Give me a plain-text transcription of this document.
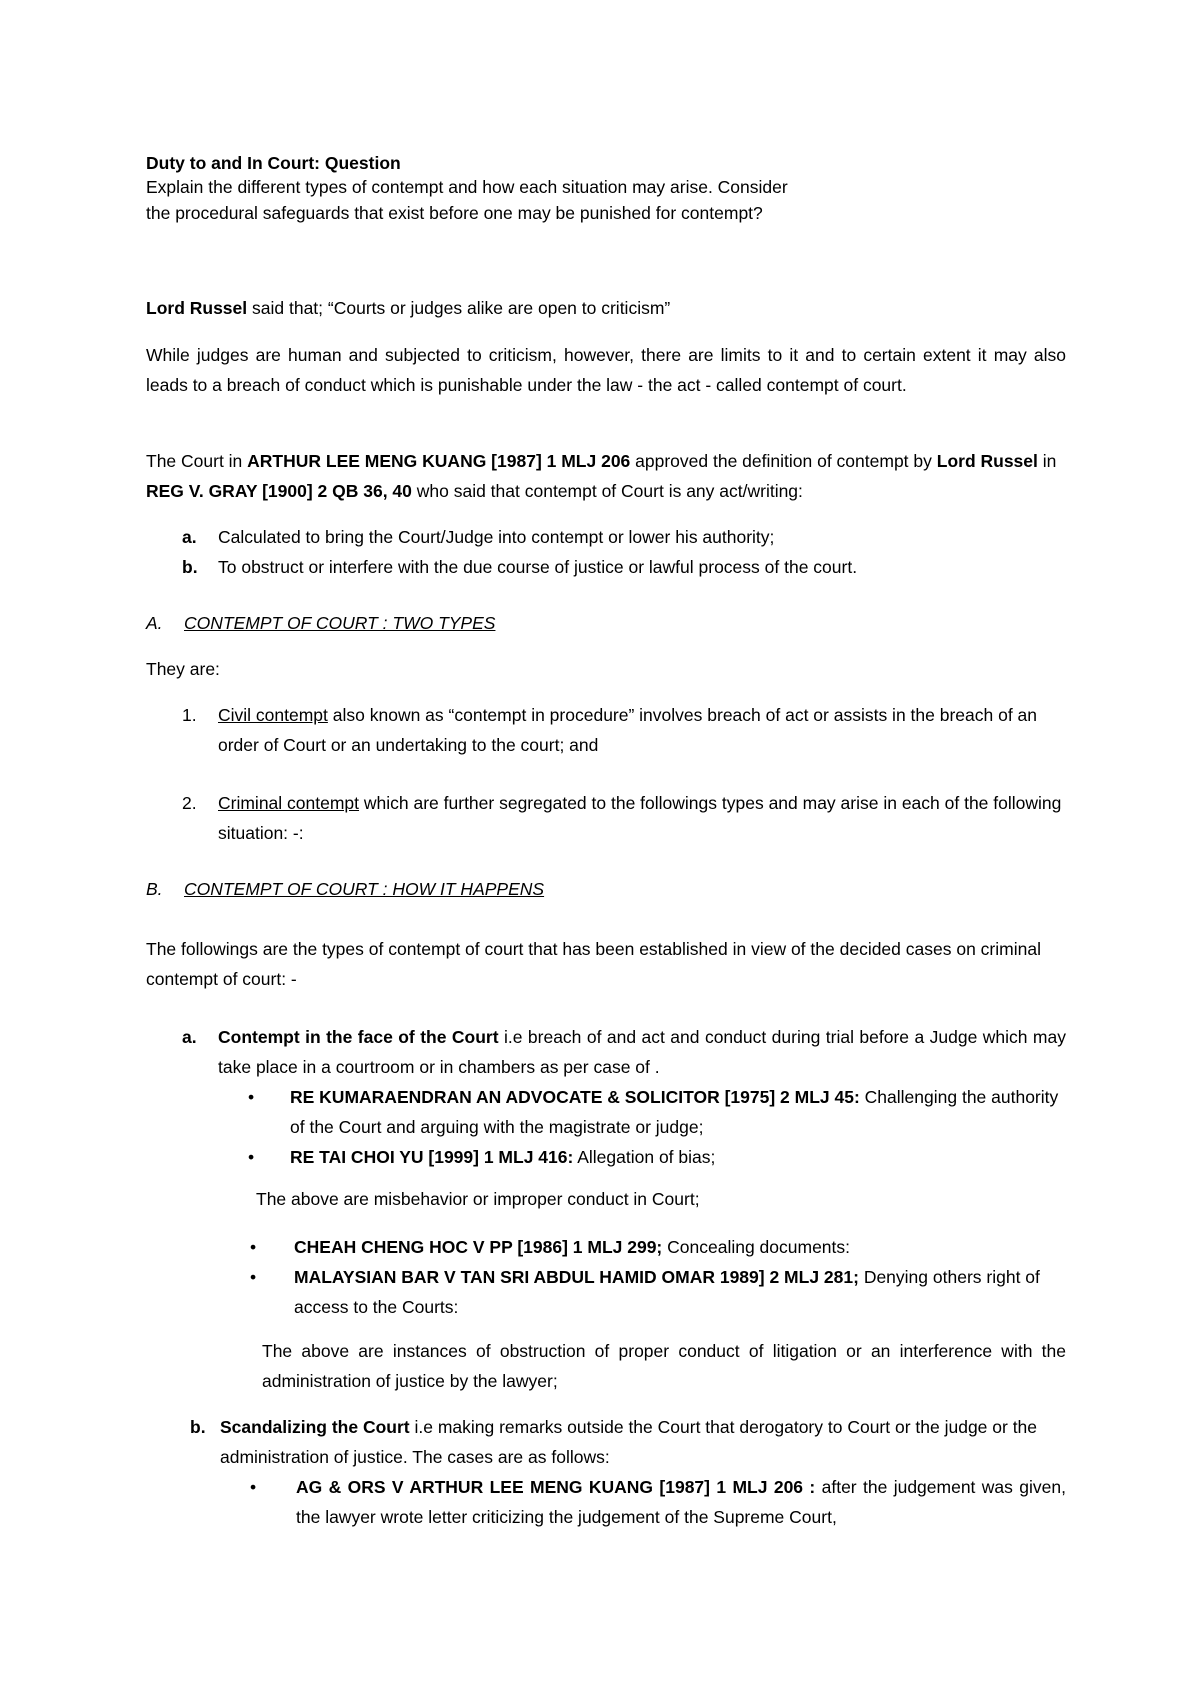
Duty to and In Court: Question
Explain the different types of contempt and how each situation may arise. Consider
the procedural safeguards that exist before one may be punished for contempt?
Lord Russel said that; “Courts or judges alike are open to criticism”
While judges are human and subjected to criticism, however, there are limits to it and to certain extent it may also leads to a breach of conduct which is punishable under the law - the act - called contempt of court.
The Court in ARTHUR LEE MENG KUANG [1987] 1 MLJ 206 approved the definition of contempt by Lord Russel in REG V. GRAY [1900] 2 QB 36, 40 who said that contempt of Court is any act/writing:
a.	Calculated to bring the Court/Judge into contempt or lower his authority;
b.	To obstruct or interfere with the due course of justice or lawful process of the court.
A. CONTEMPT OF COURT : TWO TYPES
They are:
1.	Civil contempt also known as “contempt in procedure” involves breach of act or assists in the breach of an order of Court or an undertaking to the court; and
2.	Criminal contempt which are further segregated to the followings types and may arise in each of the following situation: -:
B. CONTEMPT OF COURT : HOW IT HAPPENS
The followings are the types of contempt of court that has been established in view of the decided cases on criminal contempt of court: -
a.	Contempt in the face of the Court i.e breach of and act and conduct during trial before a Judge which may take place in a courtroom or in chambers as per case of .
•	RE KUMARAENDRAN AN ADVOCATE & SOLICITOR [1975] 2 MLJ 45: Challenging the authority of the Court and arguing with the magistrate or judge;
•	RE TAI CHOI YU [1999] 1 MLJ 416: Allegation of bias;
The above are misbehavior or improper conduct in Court;
•	CHEAH CHENG HOC V PP [1986] 1 MLJ 299; Concealing documents:
•	MALAYSIAN BAR V TAN SRI ABDUL HAMID OMAR 1989] 2 MLJ 281; Denying others right of access to the Courts:
The above are instances of obstruction of proper conduct of litigation or an interference with the administration of justice by the lawyer;
b. Scandalizing the Court i.e making remarks outside the Court that derogatory to Court or the judge or the administration of justice. The cases are as follows:
•	AG & ORS V ARTHUR LEE MENG KUANG [1987] 1 MLJ 206 : after the judgement was given, the lawyer wrote letter criticizing the judgement of the Supreme Court,
